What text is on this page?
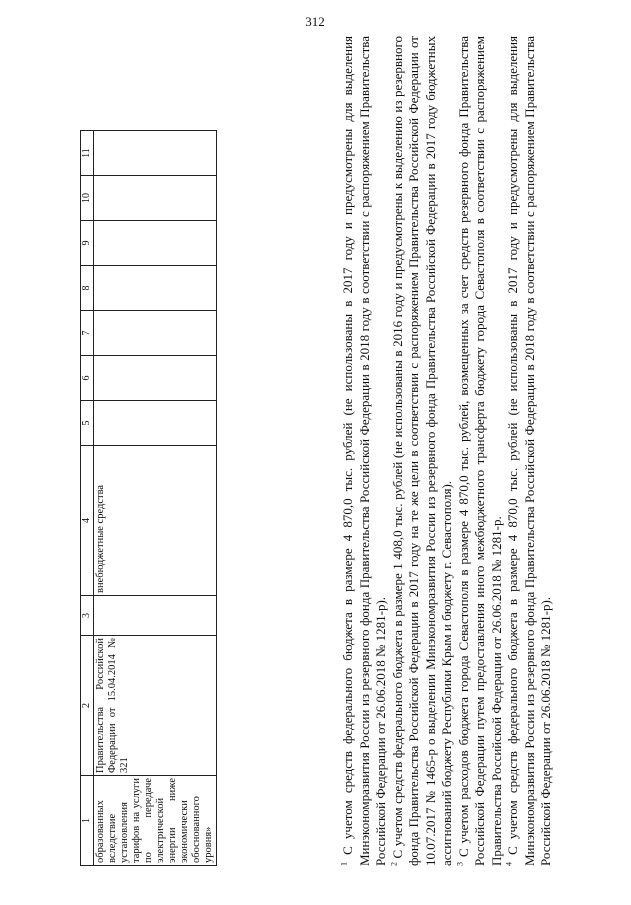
312
1	2	3	4	5	6	7	8	9	10	11
образованных вследствие установления тарифов на услуги по передаче электрической энергии ниже экономически обоснованного уровня»	Правительства Российской Федерации от 15.04.2014 № 321		внебюджетные средства							

$^1$ С учетом средств федерального бюджета в размере 4 870,0 тыс. рублей (не использованы в 2017 году и предусмотрены для выделения Минэкономразвития России из резервного фонда Правительства Российской Федерации в 2018 году в соответствии с распоряжением Правительства Российской Федерации от 26.06.2018 № 1281-р). $^2$ С учетом средств федерального бюджета в размере 1 408,0 тыс. рублей (не использованы в 2016 году и предусмотрены к выделению из резервного фонда Правительства Российской Федерации в 2017 году на те же цели в соответствии с распоряжением Правительства Российской Федерации от 10.07.2017 № 1465-р о выделении Минэкономразвития России из резервного фонда Правительства Российской Федерации в 2017 году бюджетных ассигнований бюджету Республики Крым и бюджету г. Севастополя). $^3$ С учетом расходов бюджета города Севастополя в размере 4 870,0 тыс. рублей, возмещенных за счет средств резервного фонда Правительства Российской Федерации путем предоставления иного межбюджетного трансферта бюджету города Севастополя в соответствии с распоряжением Правительства Российской Федерации от 26.06.2018 № 1281-р. $^4$ С учетом средств федерального бюджета в размере 4 870,0 тыс. рублей (не использованы в 2017 году и предусмотрены для выделения Минэкономразвития России из резервного фонда Правительства Российской Федерации в 2018 году в соответствии с распоряжением Правительства Российской Федерации от 26.06.2018 № 1281-р).
